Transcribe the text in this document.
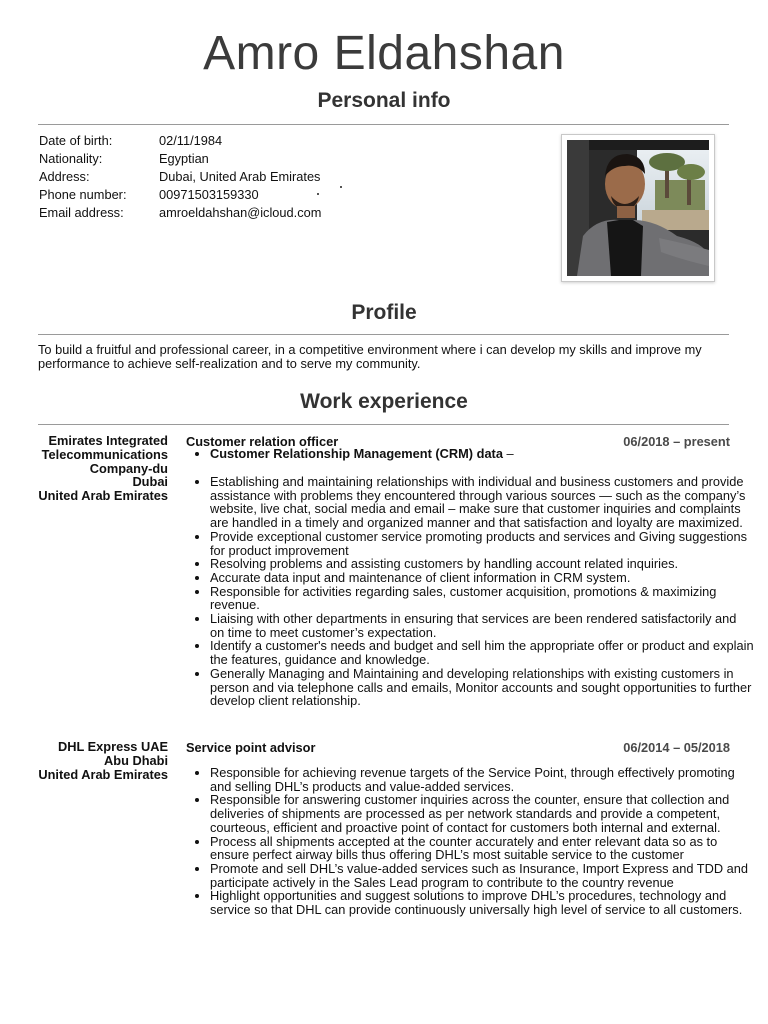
Amro Eldahshan
Personal info
Date of birth:	02/11/1984
Nationality:	Egyptian
Address:	Dubai, United Arab Emirates
Phone number:	00971503159330
Email address:	amroeldahshan@icloud.com
Profile
To build a fruitful and professional career, in a competitive environment where i can develop my skills and improve my performance to achieve self-realization and to serve my community.
Work experience
Emirates Integrated Telecommunications Company-du
Dubai
United Arab Emirates
Customer relation officer	06/2018 – present
• Customer Relationship Management (CRM) data –
• Establishing and maintaining relationships with individual and business customers and provide assistance with problems they encountered through various sources — such as the company’s website, live chat, social media and email – make sure that customer inquiries and complaints are handled in a timely and organized manner and that satisfaction and loyalty are maximized.
• Provide exceptional customer service promoting products and services and Giving suggestions for product improvement
• Resolving problems and assisting customers by handling account related inquiries.
• Accurate data input and maintenance of client information in CRM system.
• Responsible for activities regarding sales, customer acquisition, promotions & maximizing revenue.
• Liaising with other departments in ensuring that services are been rendered satisfactorily and on time to meet customer’s expectation.
• Identify a customer's needs and budget and sell him the appropriate offer or product and explain the features, guidance and knowledge.
• Generally Managing and Maintaining and developing relationships with existing customers in person and via telephone calls and emails, Monitor accounts and sought opportunities to further develop client relationship.
DHL Express UAE
Abu Dhabi
United Arab Emirates
Service point advisor	06/2014 – 05/2018
• Responsible for achieving revenue targets of the Service Point, through effectively promoting and selling DHL’s products and value-added services.
• Responsible for answering customer inquiries across the counter, ensure that collection and deliveries of shipments are processed as per network standards and provide a competent, courteous, efficient and proactive point of contact for customers both internal and external.
• Process all shipments accepted at the counter accurately and enter relevant data so as to ensure perfect airway bills thus offering DHL’s most suitable service to the customer
• Promote and sell DHL’s value-added services such as Insurance, Import Express and TDD and participate actively in the Sales Lead program to contribute to the country revenue
• Highlight opportunities and suggest solutions to improve DHL’s procedures, technology and service so that DHL can provide continuously universally high level of service to all customers.
